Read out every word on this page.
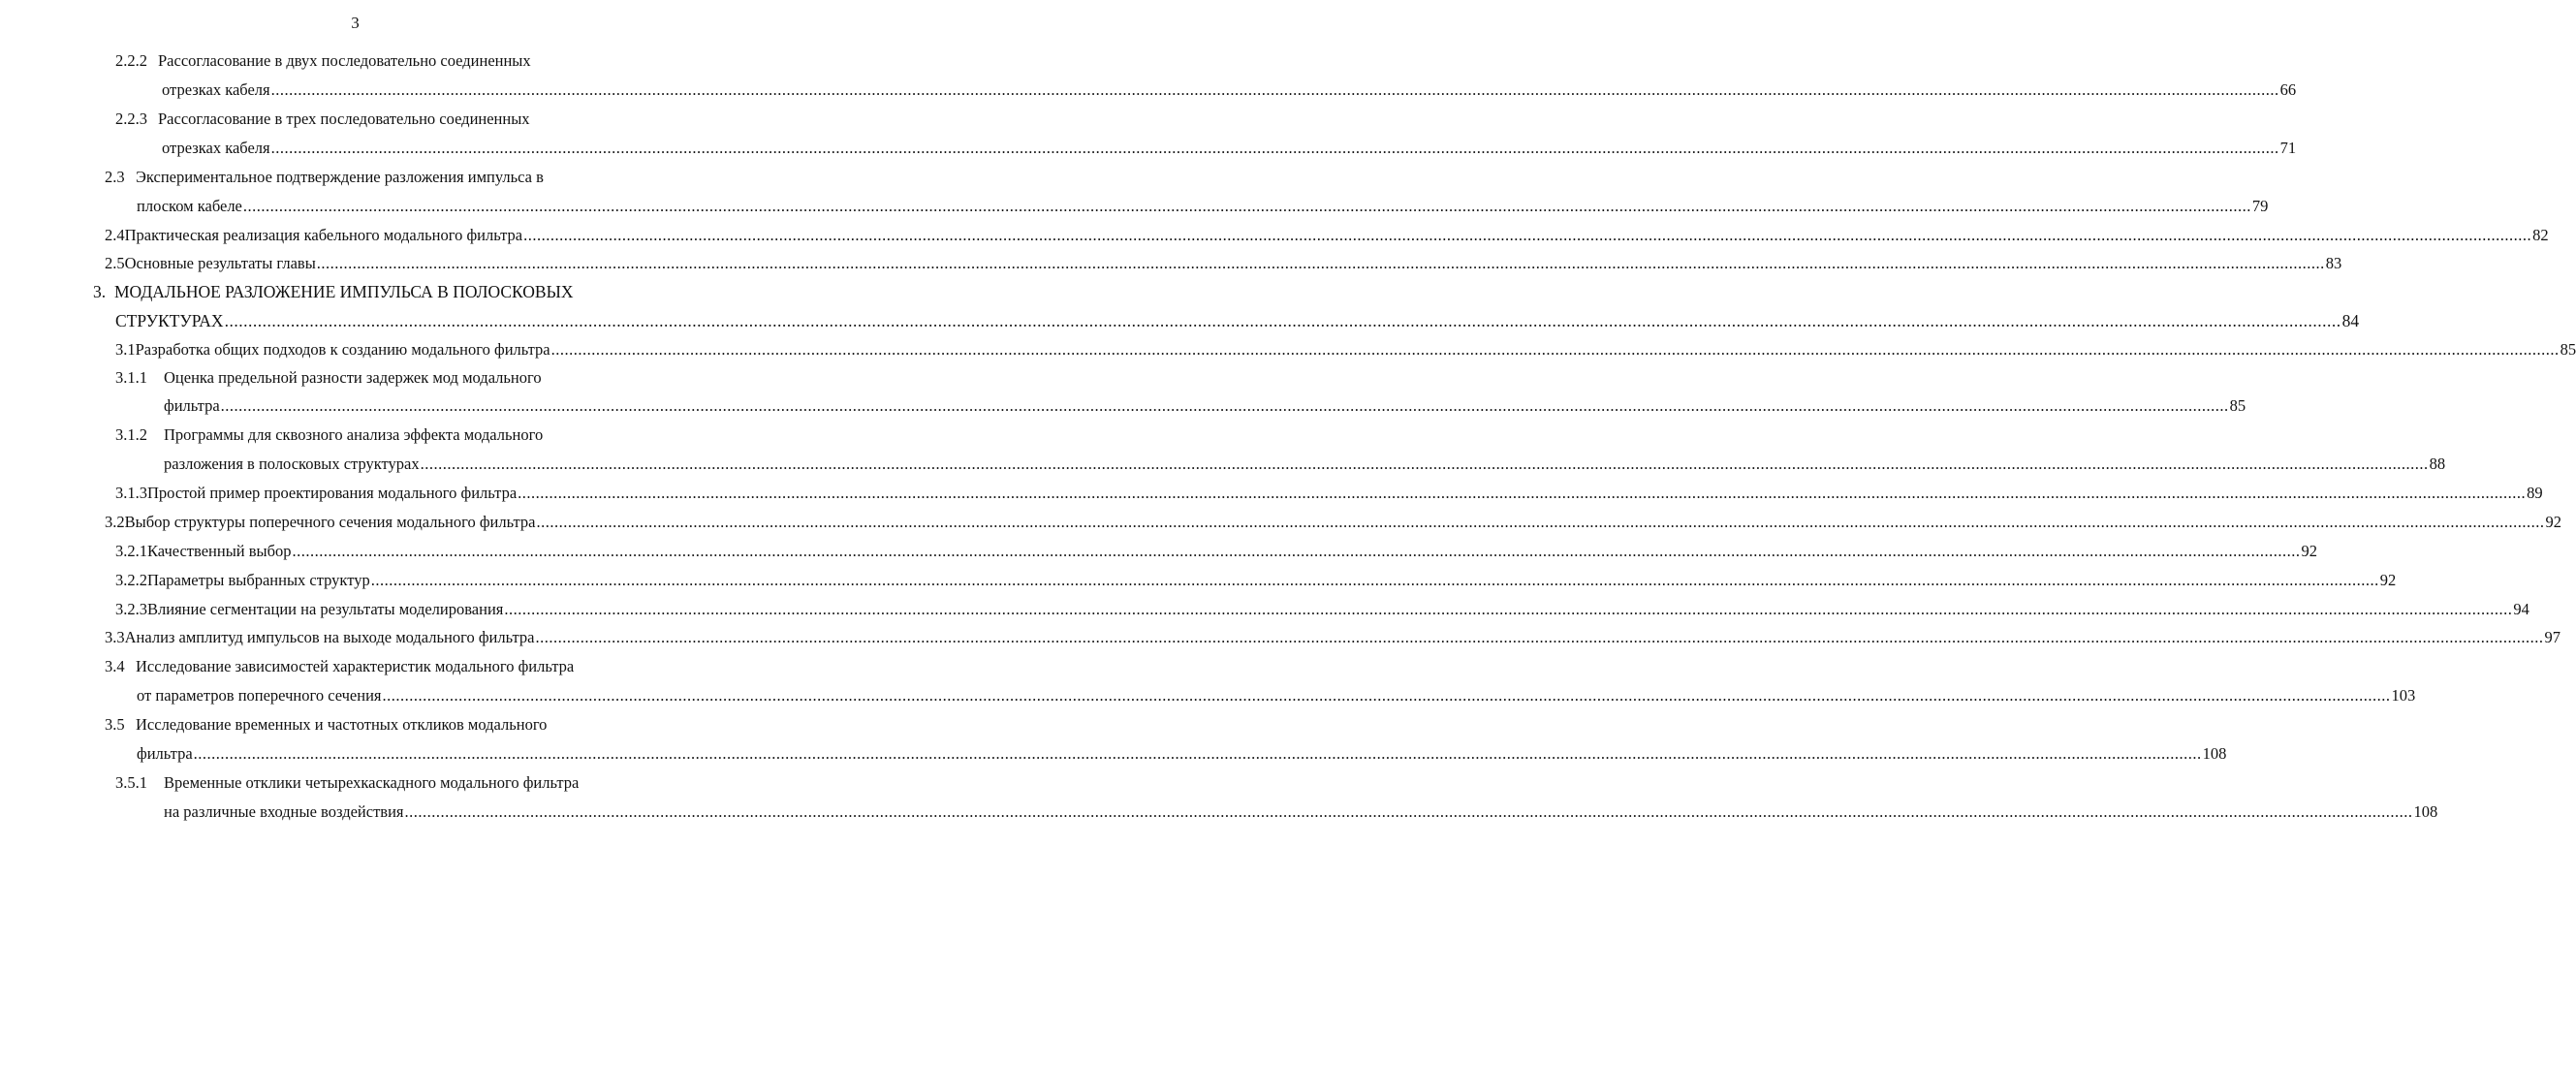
3
2.2.2 Рассогласование в двух последовательно соединенных
отрезках кабеля .....	66
2.2.3 Рассогласование в трех последовательно соединенных
отрезках кабеля .....	71
2.3 Экспериментальное подтверждение разложения импульса в
плоском кабеле .....	79
2.4 Практическая реализация кабельного модального фильтра .....	82
2.5 Основные результаты главы .....	83
3. МОДАЛЬНОЕ РАЗЛОЖЕНИЕ ИМПУЛЬСА В ПОЛОСКОВЫХ
СТРУКТУРАХ .....	84
3.1 Разработка общих подходов к созданию модального фильтра .....	85
3.1.1	Оценка предельной разности задержек мод модального
фильтра .....	85
3.1.2	Программы для сквозного анализа эффекта модального
разложения в полосковых структурах .....	88
3.1.3 Простой пример проектирования модального фильтра .....	89
3.2 Выбор структуры поперечного сечения модального фильтра .....	92
3.2.1 Качественный выбор .....	92
3.2.2 Параметры выбранных структур .....	92
3.2.3 Влияние сегментации на результаты моделирования .....	94
3.3 Анализ амплитуд импульсов на выходе модального фильтра .....	97
3.4 Исследование зависимостей характеристик модального фильтра
от параметров поперечного сечения .....	103
3.5 Исследование временных и частотных откликов модального
фильтра .....	108
3.5.1	Временные отклики четырехкаскадного модального фильтра
на различные входные воздействия .....	108
